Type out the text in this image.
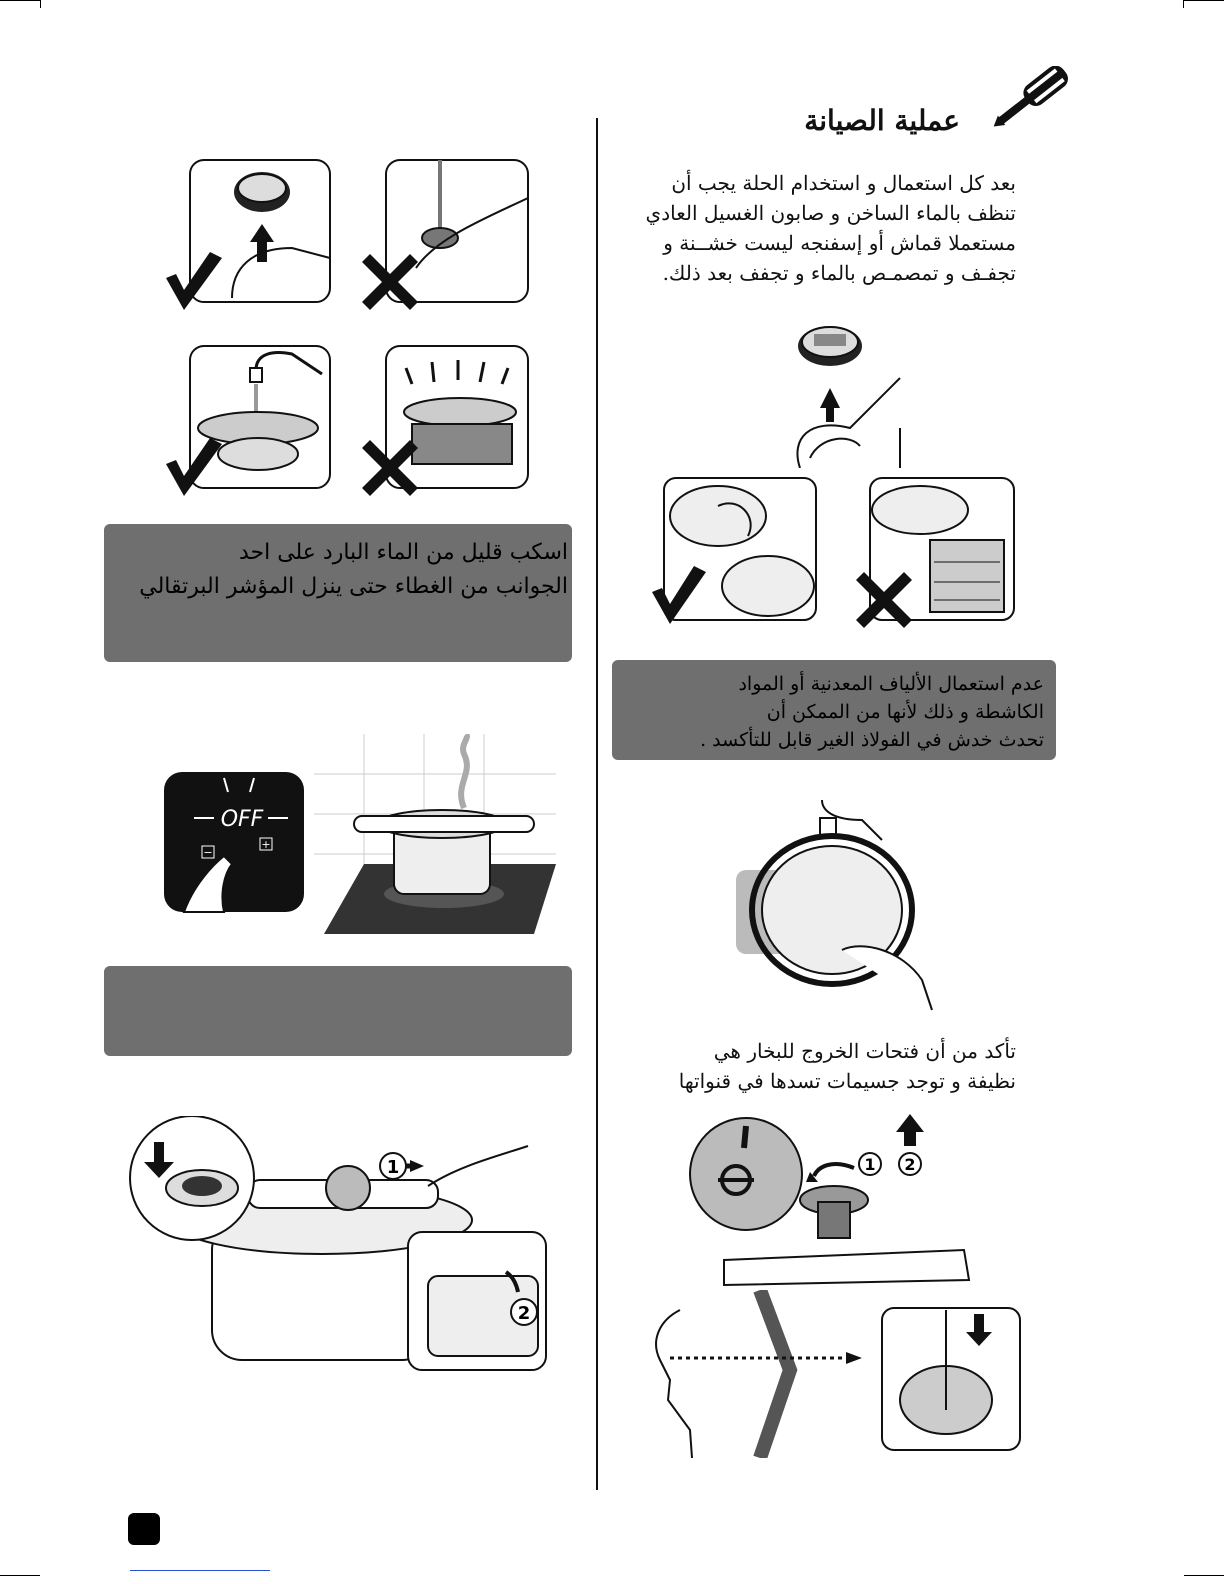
عملية الصيانة
بعد كل استعمال و استخدام الحلة يجب أن
تنظف بالماء الساخن و صابون الغسيل العادي
مستعملا قماش أو إسفنجه ليست خشــنة و
تجفـف و تمصمـص بالماء و تجفف بعد ذلك.
عدم استعمال الألياف المعدنية أو المواد
الكاشطة و ذلك لأنها من الممكن أن
تحدث خدش في الفولاذ الغير قابل للتأكسد .
تأكد من أن فتحات الخروج للبخار هي
نظيفة و توجد جسيمات تسدها في قنواتها
1 2
اسكب قليل من الماء البارد على احد
الجوانب من الغطاء حتى ينزل المؤشر البرتقالي
−
+
OFF
1
2
